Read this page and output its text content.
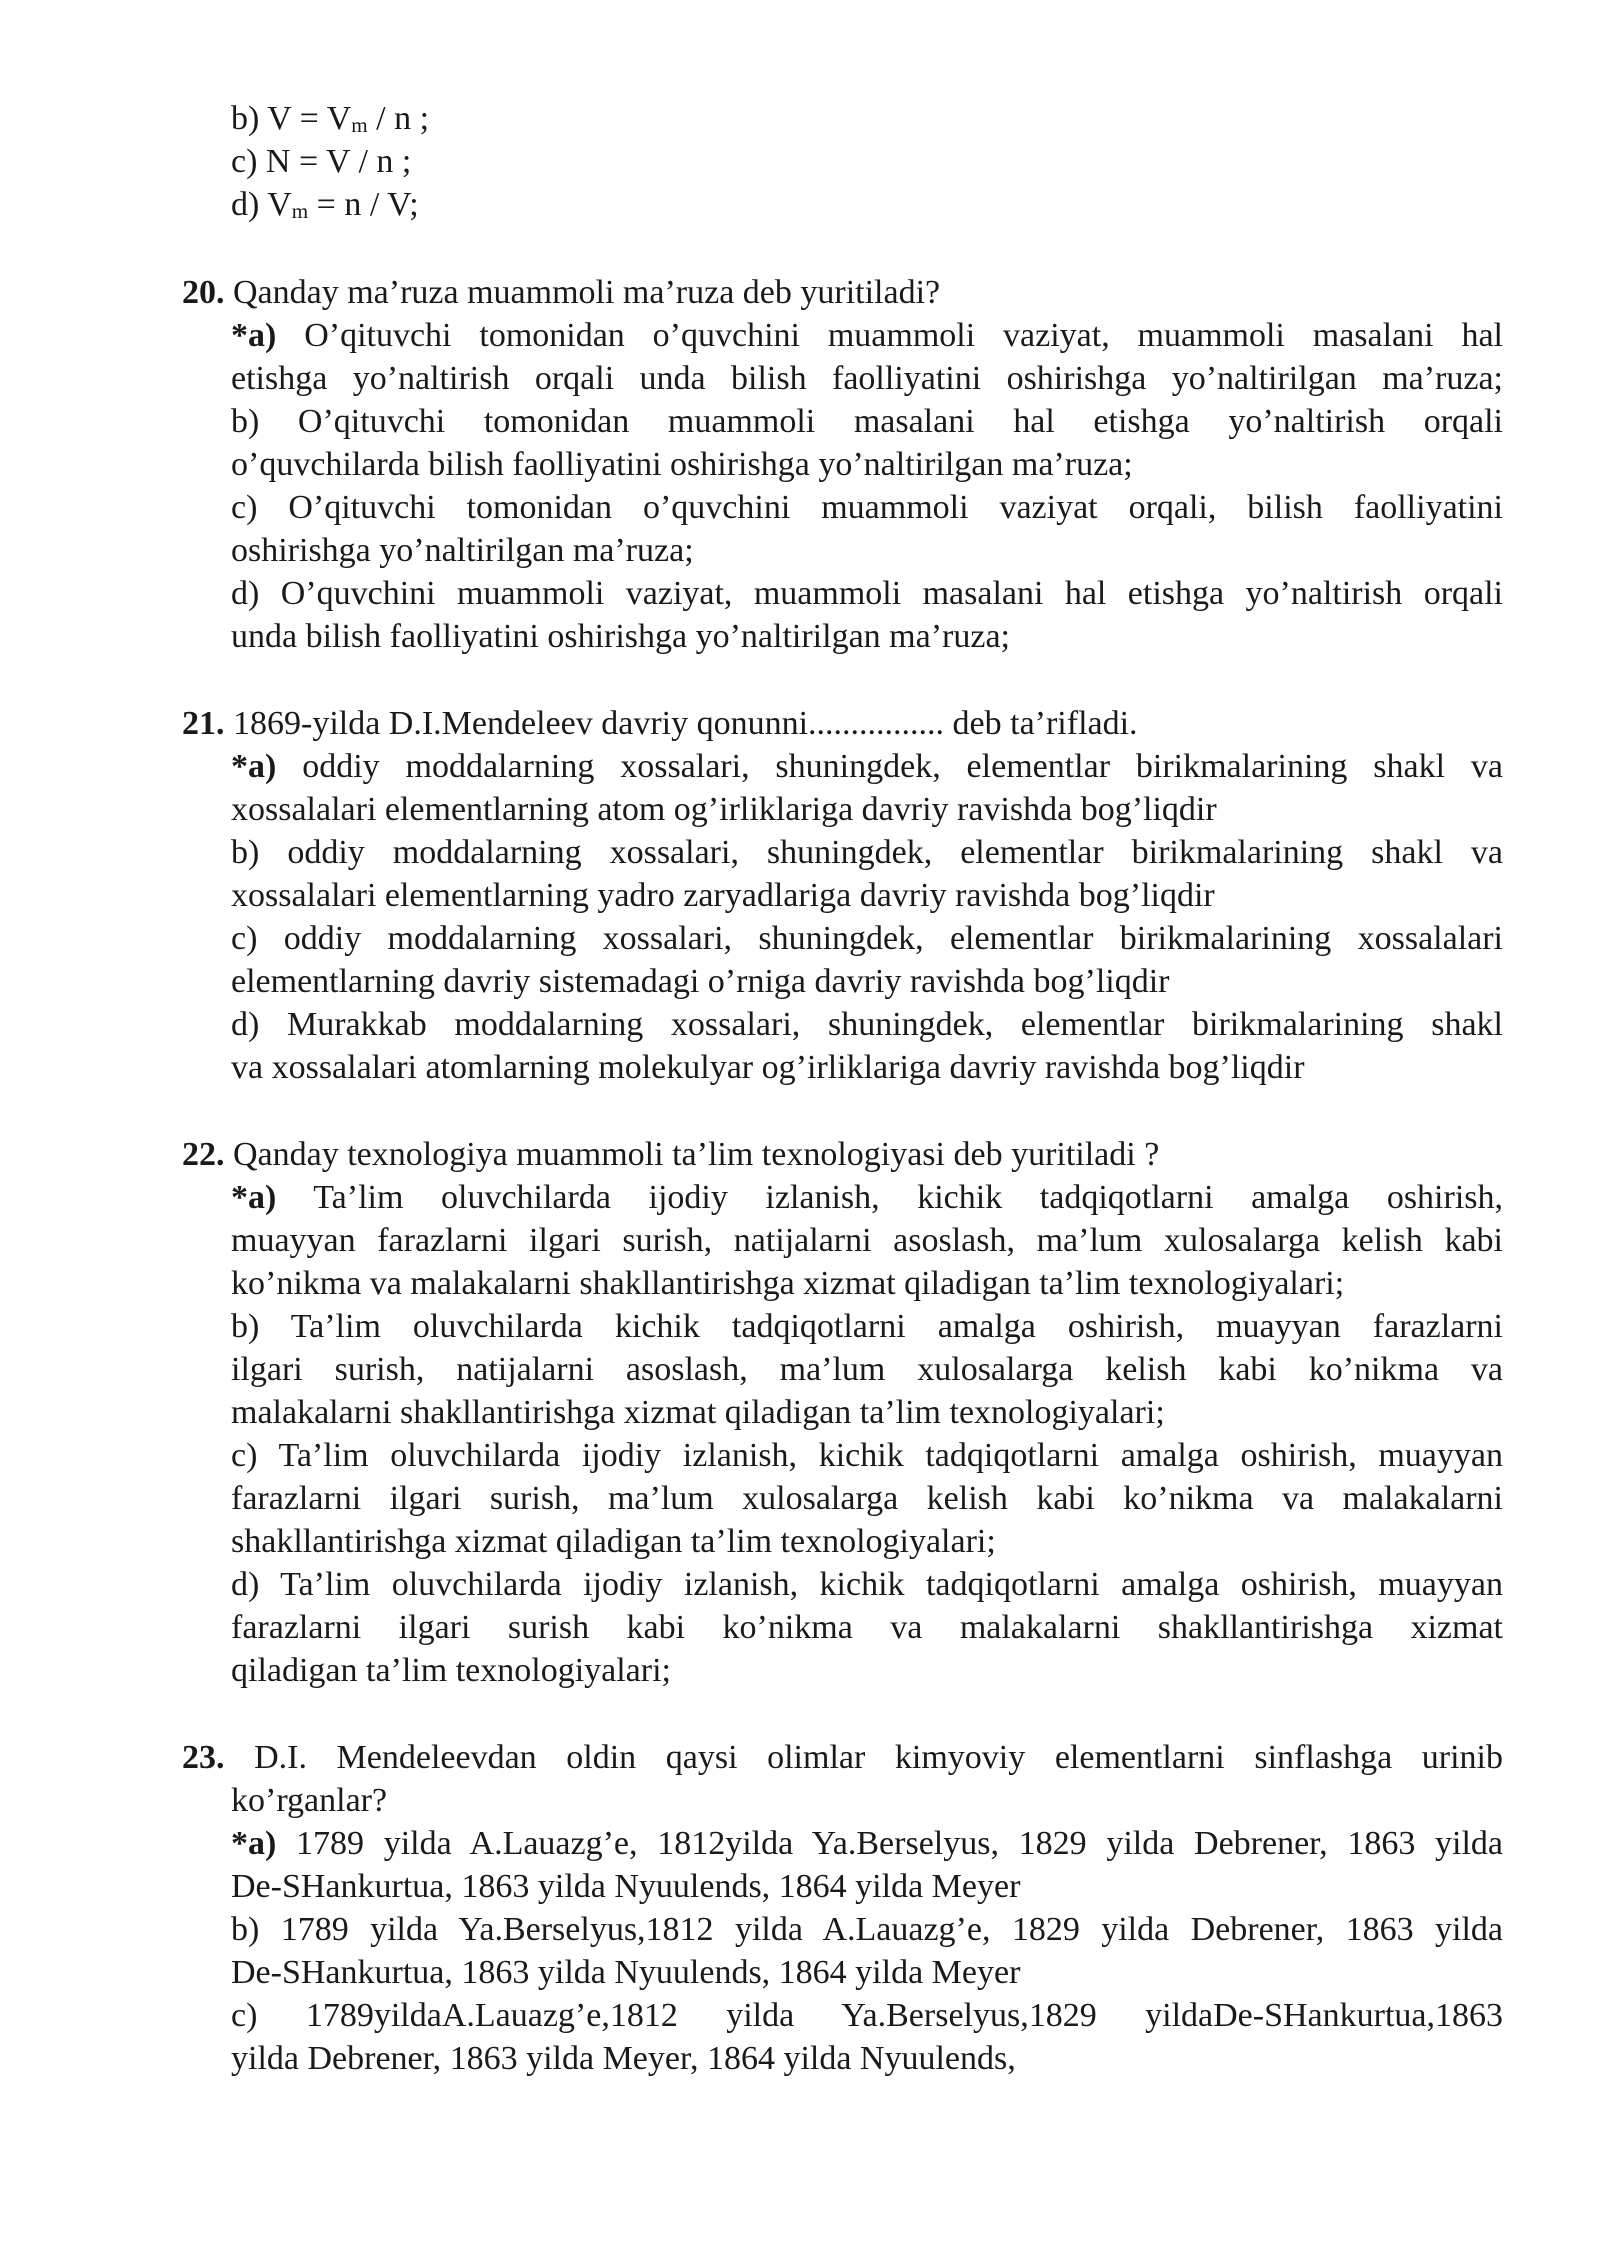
b) $V = V_m / n$ ;
c) N = V / n ;
d) $V_m = n / V$;
20. Qanday ma’ruza muammoli ma’ruza deb yuritiladi?
*a) O’qituvchi tomonidan o’quvchini muammoli vaziyat, muammoli masalani hal
etishga yo’naltirish orqali unda bilish faolliyatini oshirishga yo’naltirilgan ma’ruza;
b) O’qituvchi tomonidan muammoli masalani hal etishga yo’naltirish orqali
o’quvchilarda bilish faolliyatini oshirishga yo’naltirilgan ma’ruza;
c) O’qituvchi tomonidan o’quvchini muammoli vaziyat orqali, bilish faolliyatini
oshirishga yo’naltirilgan ma’ruza;
d) O’quvchini muammoli vaziyat, muammoli masalani hal etishga yo’naltirish orqali
unda bilish faolliyatini oshirishga yo’naltirilgan ma’ruza;
21. 1869-yilda D.I.Mendeleev davriy qonunni................ deb ta’rifladi.
*a) oddiy moddalarning xossalari, shuningdek, elementlar birikmalarining shakl va
xossalalari elementlarning atom og’irliklariga davriy ravishda bog’liqdir
b) oddiy moddalarning xossalari, shuningdek, elementlar birikmalarining shakl va
xossalalari elementlarning yadro zaryadlariga davriy ravishda bog’liqdir
c) oddiy moddalarning xossalari, shuningdek, elementlar birikmalarining xossalalari
elementlarning davriy sistemadagi o’rniga davriy ravishda bog’liqdir
d) Murakkab moddalarning xossalari, shuningdek, elementlar birikmalarining shakl
va xossalalari atomlarning molekulyar og’irliklariga davriy ravishda bog’liqdir
22. Qanday texnologiya muammoli ta’lim texnologiyasi deb yuritiladi ?
*a) Ta’lim oluvchilarda ijodiy izlanish, kichik tadqiqotlarni amalga oshirish,
muayyan farazlarni ilgari surish, natijalarni asoslash, ma’lum xulosalarga kelish kabi
ko’nikma va malakalarni shakllantirishga xizmat qiladigan ta’lim texnologiyalari;
b) Ta’lim oluvchilarda kichik tadqiqotlarni amalga oshirish, muayyan farazlarni
ilgari surish, natijalarni asoslash, ma’lum xulosalarga kelish kabi ko’nikma va
malakalarni shakllantirishga xizmat qiladigan ta’lim texnologiyalari;
c) Ta’lim oluvchilarda ijodiy izlanish, kichik tadqiqotlarni amalga oshirish, muayyan
farazlarni ilgari surish, ma’lum xulosalarga kelish kabi ko’nikma va malakalarni
shakllantirishga xizmat qiladigan ta’lim texnologiyalari;
d) Ta’lim oluvchilarda ijodiy izlanish, kichik tadqiqotlarni amalga oshirish, muayyan
farazlarni ilgari surish kabi ko’nikma va malakalarni shakllantirishga xizmat
qiladigan ta’lim texnologiyalari;
23. D.I. Mendeleevdan oldin qaysi olimlar kimyoviy elementlarni sinflashga urinib
ko’rganlar?
*a) 1789 yilda A.Lauazg’e, 1812yilda Ya.Berselyus, 1829 yilda Debrener, 1863 yilda
De-SHankurtua, 1863 yilda Nyuulends, 1864 yilda Meyer
b) 1789 yilda Ya.Berselyus,1812 yilda A.Lauazg’e, 1829 yilda Debrener, 1863 yilda
De-SHankurtua, 1863 yilda Nyuulends, 1864 yilda Meyer
c) 1789yildaA.Lauazg’e,1812 yilda Ya.Berselyus,1829 yildaDe-SHankurtua,1863
yilda Debrener, 1863 yilda Meyer, 1864 yilda Nyuulends,
